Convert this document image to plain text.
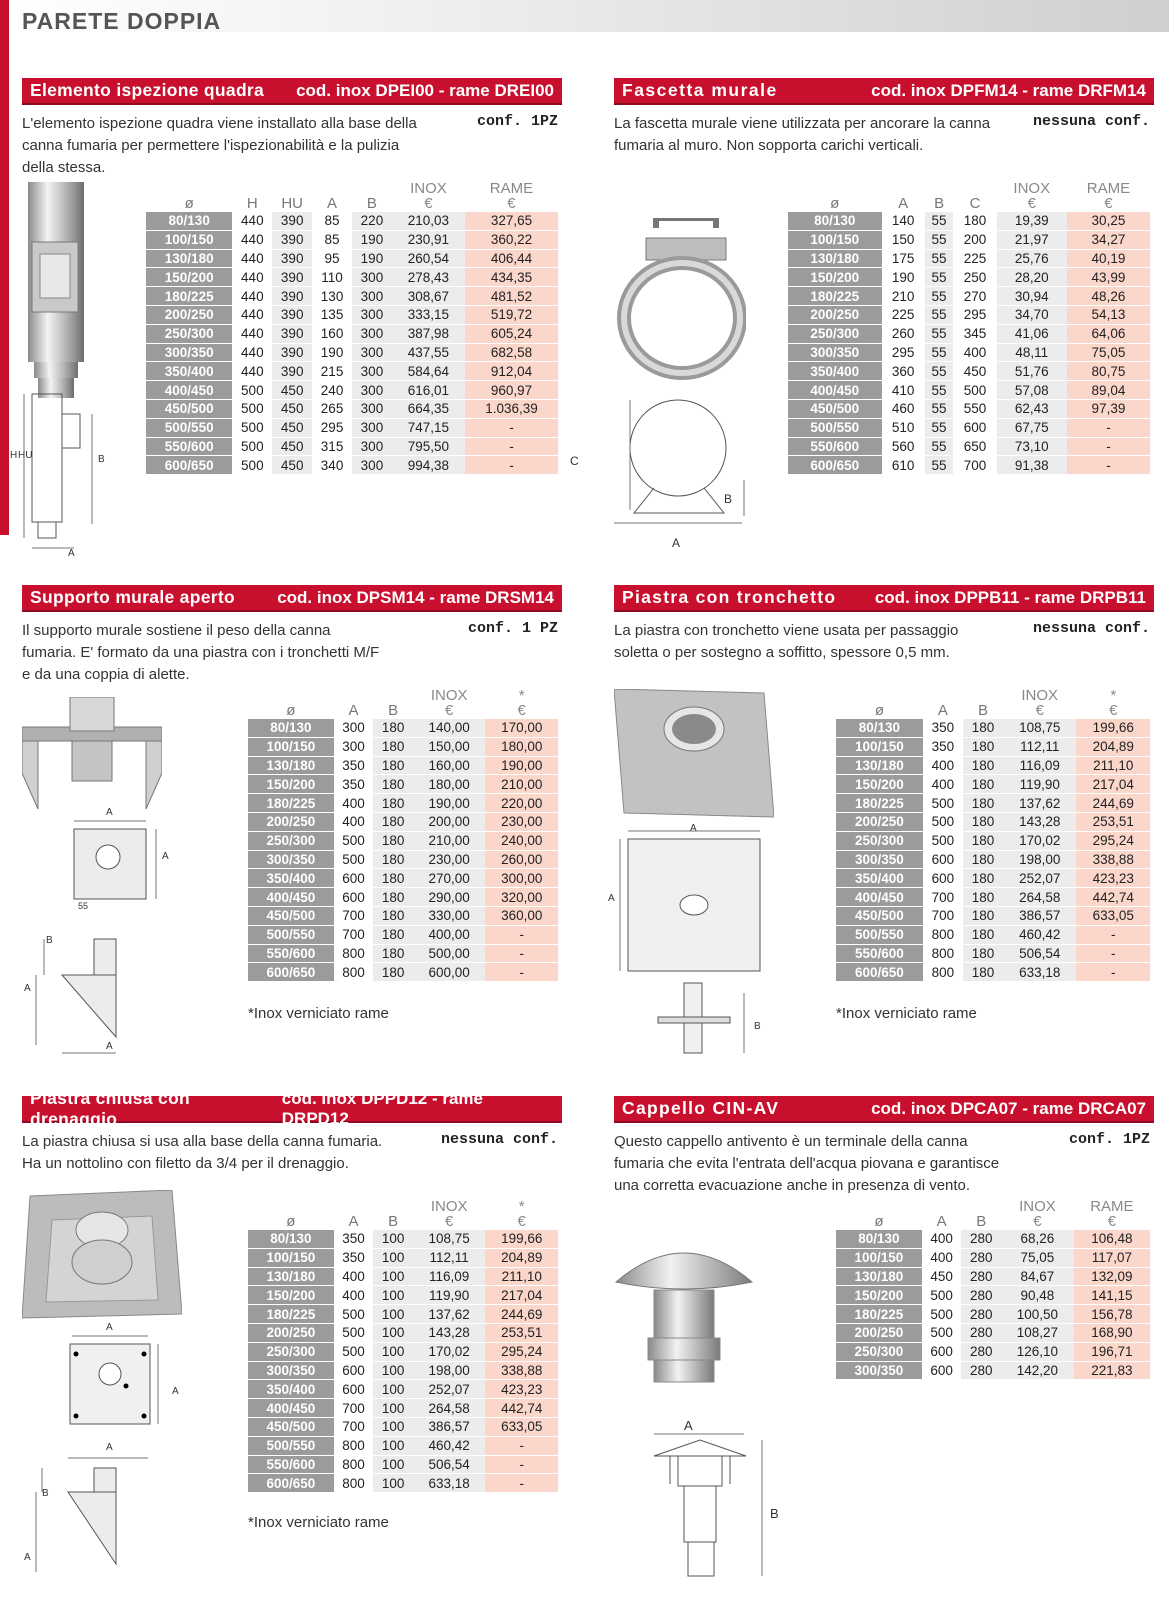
PARETE DOPPIA
Elemento ispezione quadra cod. inox DPEI00 - rame DREI00
L'elemento ispezione quadra viene installato alla base della
canna fumaria per permettere l'ispezionabilità e la pulizia
della stessa.
conf. 1PZ
ø	H	HU	A	B	INOX
€	RAME
€
80/130	440	390	85	220	210,03	327,65
100/150	440	390	85	190	230,91	360,22
130/180	440	390	95	190	260,54	406,44
150/200	440	390	110	300	278,43	434,35
180/225	440	390	130	300	308,67	481,52
200/250	440	390	135	300	333,15	519,72
250/300	440	390	160	300	387,98	605,24
300/350	440	390	190	300	437,55	682,58
350/400	440	390	215	300	584,64	912,04
400/450	500	450	240	300	616,01	960,97
450/500	500	450	265	300	664,35	1.036,39
500/550	500	450	295	300	747,15	-
550/600	500	450	315	300	795,50	-
600/650	500	450	340	300	994,38	-
H HU	B
A
Fascetta murale	cod. inox DPFM14 - rame DRFM14
La fascetta murale viene utilizzata per ancorare la canna
fumaria al muro. Non sopporta carichi verticali.
nessuna conf.
ø	A	B	C	INOX
€	RAME
€
80/130	140	55	180	19,39	30,25
100/150	150	55	200	21,97	34,27
130/180	175	55	225	25,76	40,19
150/200	190	55	250	28,20	43,99
180/225	210	55	270	30,94	48,26
200/250	225	55	295	34,70	54,13
250/300	260	55	345	41,06	64,06
300/350	295	55	400	48,11	75,05
350/400	360	55	450	51,76	80,75
400/450	410	55	500	57,08	89,04
450/500	460	55	550	62,43	97,39
500/550	510	55	600	67,75	-
550/600	560	55	650	73,10	-
600/650	610	55	700	91,38	-
C
B
A
Supporto murale aperto cod. inox DPSM14 - rame DRSM14
Il supporto murale sostiene il peso della canna
fumaria. E' formato da una piastra con i tronchetti M/F
e da una coppia di alette.
conf. 1 PZ
ø	A	B	INOX
€	*
€
80/130	300	180	140,00	170,00
100/150	300	180	150,00	180,00
130/180	350	180	160,00	190,00
150/200	350	180	180,00	210,00
180/225	400	180	190,00	220,00
200/250	400	180	200,00	230,00
250/300	500	180	210,00	240,00
300/350	500	180	230,00	260,00
350/400	600	180	270,00	300,00
400/450	600	180	290,00	320,00
450/500	700	180	330,00	360,00
500/550	700	180	400,00	-
550/600	800	180	500,00	-
600/650	800	180	600,00	-
*Inox verniciato rame
A
A
55
B
A
A
Piastra con tronchetto cod. inox DPPB11 - rame DRPB11
La piastra con tronchetto viene usata per passaggio
soletta o per sostegno a soffitto, spessore 0,5 mm.
nessuna conf.
ø	A	B	INOX
€	*
€
80/130	350	180	108,75	199,66
100/150	350	180	112,11	204,89
130/180	400	180	116,09	211,10
150/200	400	180	119,90	217,04
180/225	500	180	137,62	244,69
200/250	500	180	143,28	253,51
250/300	500	180	170,02	295,24
300/350	600	180	198,00	338,88
350/400	600	180	252,07	423,23
400/450	700	180	264,58	442,74
450/500	700	180	386,57	633,05
500/550	800	180	460,42	-
550/600	800	180	506,54	-
600/650	800	180	633,18	-
*Inox verniciato rame
A
A
B
Piastra chiusa con drenaggio
cod. inox DPPD12 - rame DRPD12
La piastra chiusa si usa alla base della canna fumaria.
Ha un nottolino con filetto da 3/4 per il drenaggio.
nessuna conf.
ø	A	B	INOX
€	*
€
80/130	350	100	108,75	199,66
100/150	350	100	112,11	204,89
130/180	400	100	116,09	211,10
150/200	400	100	119,90	217,04
180/225	500	100	137,62	244,69
200/250	500	100	143,28	253,51
250/300	500	100	170,02	295,24
300/350	600	100	198,00	338,88
350/400	600	100	252,07	423,23
400/450	700	100	264,58	442,74
450/500	700	100	386,57	633,05
500/550	800	100	460,42	-
550/600	800	100	506,54	-
600/650	800	100	633,18	-
*Inox verniciato rame
A
A
A
B
A
Cappello CIN-AV	cod. inox DPCA07 - rame DRCA07
Questo cappello antivento è un terminale della canna
fumaria che evita l'entrata dell'acqua piovana e garantisce
una corretta evacuazione anche in presenza di vento.
conf. 1PZ
ø	A	B	INOX
€	RAME
€
80/130	400	280	68,26	106,48
100/150	400	280	75,05	117,07
130/180	450	280	84,67	132,09
150/200	500	280	90,48	141,15
180/225	500	280	100,50	156,78
200/250	500	280	108,27	168,90
250/300	600	280	126,10	196,71
300/350	600	280	142,20	221,83
A
B
